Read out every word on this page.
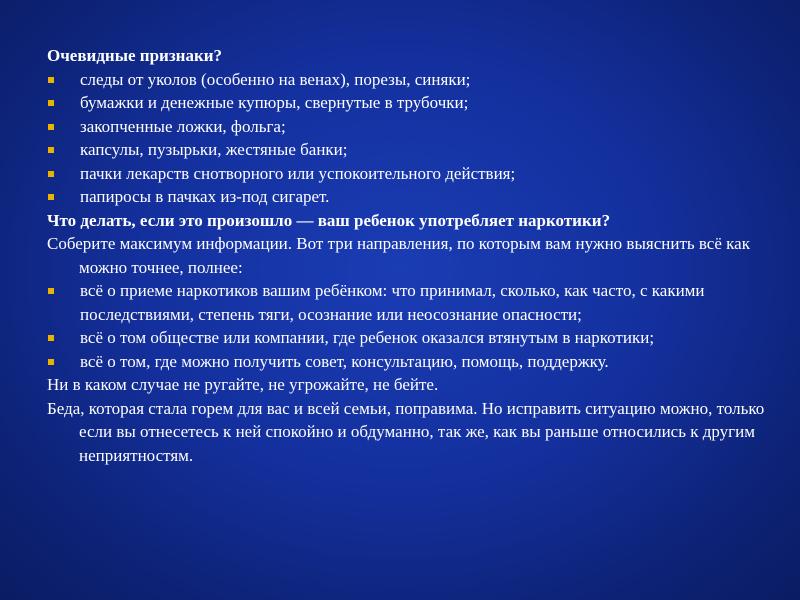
Очевидные признаки?
следы от уколов (особенно на венах), порезы, синяки;
бумажки и денежные купюры, свернутые в трубочки;
закопченные ложки, фольга;
капсулы, пузырьки, жестяные банки;
пачки лекарств снотворного или успокоительного действия;
папиросы в пачках из-под сигарет.
Что делать, если это произошло — ваш ребенок употребляет наркотики?
Соберите максимум информации. Вот три направления, по которым вам нужно выяснить всё как можно точнее, полнее:
всё о приеме наркотиков вашим ребёнком: что принимал, сколько, как часто, с какими последствиями, степень тяги, осознание или неосознание опасности;
всё о том обществе или компании, где ребенок оказался втянутым в наркотики;
всё о том, где можно получить совет, консультацию, помощь, поддержку.
Ни в каком случае не ругайте, не угрожайте, не бейте.
Беда, которая стала горем для вас и всей семьи, поправима. Но исправить ситуацию можно, только если вы отнесетесь к ней спокойно и обдуманно, так же, как вы раньше относились к другим неприятностям.
